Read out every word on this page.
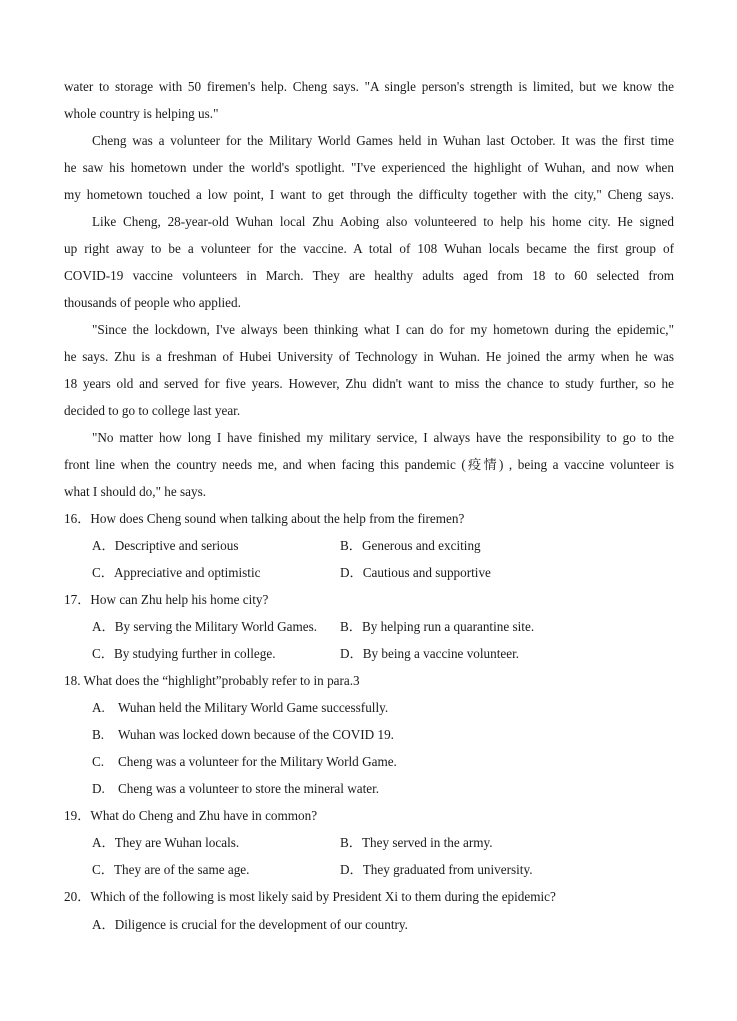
water to storage with 50 firemen's help. Cheng says. "A single person's strength is limited, but we know the
whole country is helping us."
Cheng was a volunteer for the Military World Games held in Wuhan last October. It was the first time
he saw his hometown under the world's spotlight. "I've experienced the highlight of Wuhan, and now when
my hometown touched a low point, I want to get through the difficulty together with the city," Cheng says.
Like Cheng, 28-year-old Wuhan local Zhu Aobing also volunteered to help his home city. He signed
up right away to be a volunteer for the vaccine. A total of 108 Wuhan locals became the first group of
COVID-19 vaccine volunteers in March. They are healthy adults aged from 18 to 60 selected from
thousands of people who applied.
"Since the lockdown, I've always been thinking what I can do for my hometown during the epidemic,"
he says. Zhu is a freshman of Hubei University of Technology in Wuhan. He joined the army when he was
18 years old and served for five years. However, Zhu didn't want to miss the chance to study further, so he
decided to go to college last year.
"No matter how long I have finished my military service, I always have the responsibility to go to the
front line when the country needs me, and when facing this pandemic (疫情) , being a vaccine volunteer is
what I should do," he says.
16．How does Cheng sound when talking about the help from the firemen?
A．Descriptive and serious	B．Generous and exciting
C．Appreciative and optimistic	D．Cautious and supportive
17．How can Zhu help his home city?
A．By serving the Military World Games. B．By helping run a quarantine site.
C．By studying further in college.	D．By being a vaccine volunteer.
18. What does the “highlight”probably refer to in para.3
A. Wuhan held the Military World Game successfully.
B. Wuhan was locked down because of the COVID 19.
C. Cheng was a volunteer for the Military World Game.
D. Cheng was a volunteer to store the mineral water.
19．What do Cheng and Zhu have in common?
A．They are Wuhan locals.	B．They served in the army.
C．They are of the same age.	D．They graduated from university.
20．Which of the following is most likely said by President Xi to them during the epidemic?
A．Diligence is crucial for the development of our country.
